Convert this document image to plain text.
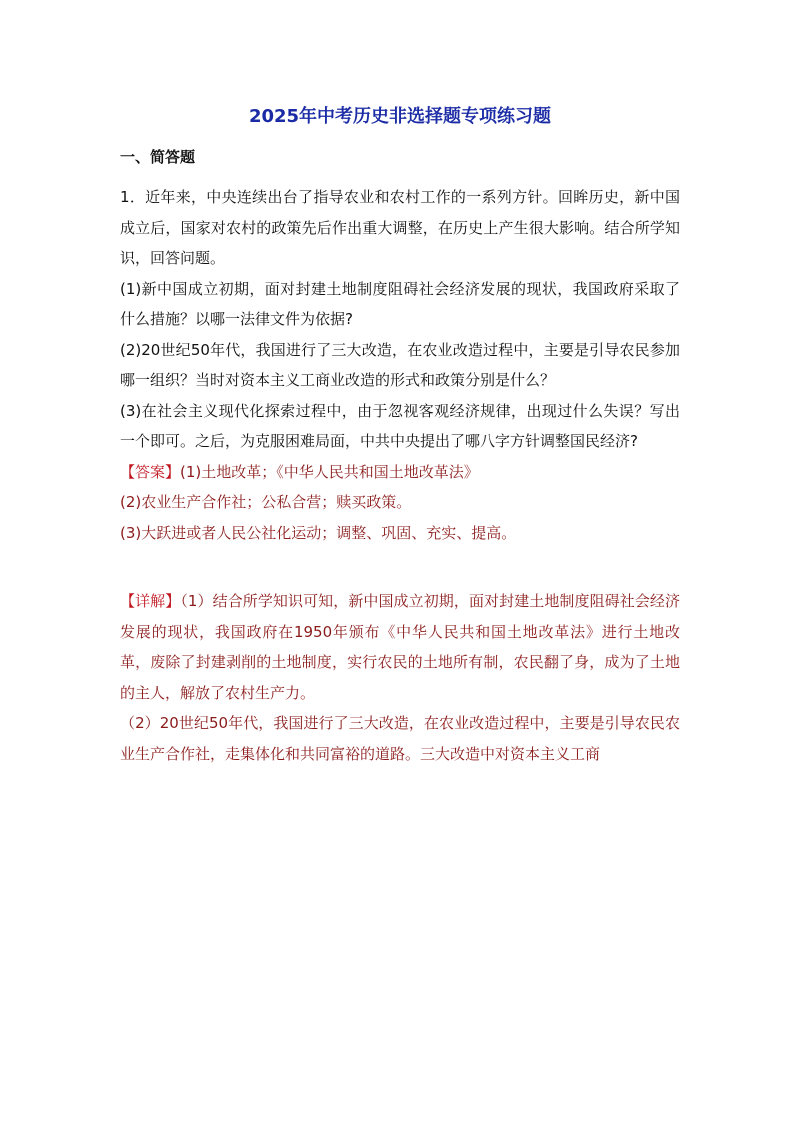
2025年中考历史非选择题专项练习题
一、简答题

1．近年来，中央连续出台了指导农业和农村工作的一系列方针。回眸历史，新中国成立后，国家对农村的政策先后作出重大调整，在历史上产生很大影响。结合所学知识，回答问题。

(1)新中国成立初期，面对封建土地制度阻碍社会经济发展的现状，我国政府采取了什么措施？以哪一法律文件为依据?

(2)20世纪50年代，我国进行了三大改造，在农业改造过程中，主要是引导农民参加哪一组织？当时对资本主义工商业改造的形式和政策分别是什么？

(3)在社会主义现代化探索过程中，由于忽视客观经济规律，出现过什么失误？写出一个即可。之后，为克服困难局面，中共中央提出了哪八字方针调整国民经济?

【答案】(1)土地改革；《中华人民共和国土地改革法》

(2)农业生产合作社；公私合营；赎买政策。

(3)大跃进或者人民公社化运动；调整、巩固、充实、提高。

【详解】（1）结合所学知识可知，新中国成立初期，面对封建土地制度阻碍社会经济发展的现状，我国政府在1950年颁布《中华人民共和国土地改革法》进行土地改革，废除了封建剥削的土地制度，实行农民的土地所有制，农民翻了身，成为了土地的主人，解放了农村生产力。

（2）20世纪50年代，我国进行了三大改造，在农业改造过程中，主要是引导农民农业生产合作社，走集体化和共同富裕的道路。三大改造中对资本主义工商
